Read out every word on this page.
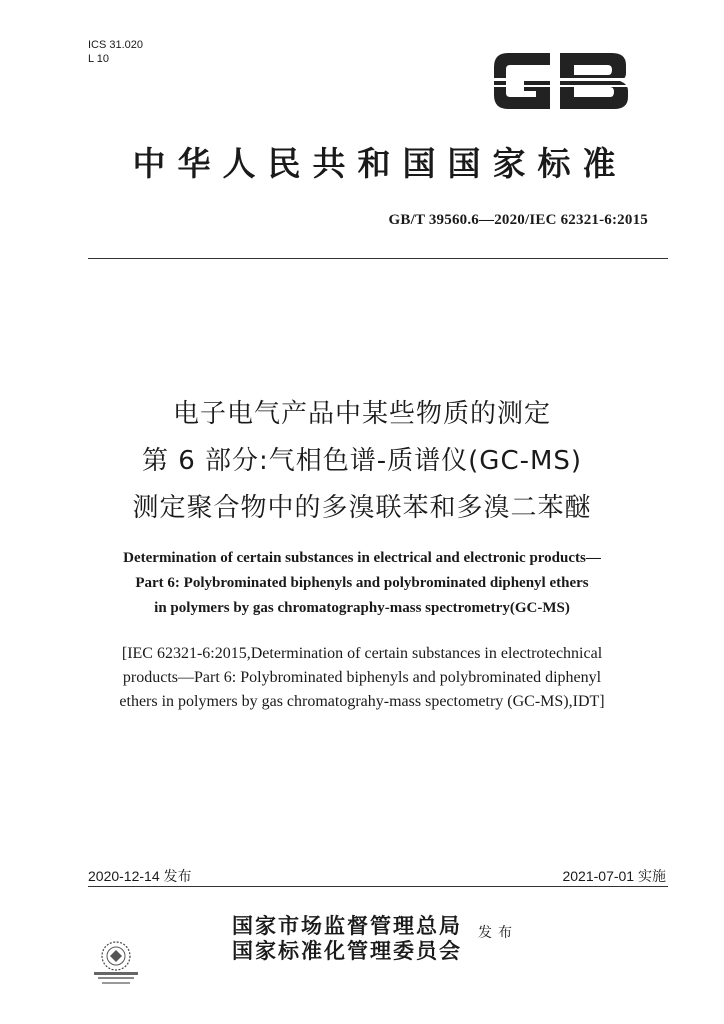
ICS 31.020
L 10
中华人民共和国国家标准
GB/T 39560.6—2020/IEC 62321-6:2015
电子电气产品中某些物质的测定
第 6 部分:气相色谱-质谱仪(GC-MS)
测定聚合物中的多溴联苯和多溴二苯醚
Determination of certain substances in electrical and electronic products—
Part 6: Polybrominated biphenyls and polybrominated diphenyl ethers
in polymers by gas chromatography-mass spectrometry(GC-MS)
[IEC 62321-6:2015,Determination of certain substances in electrotechnical
products—Part 6: Polybrominated biphenyls and polybrominated diphenyl
ethers in polymers by gas chromatograhy-mass spectometry (GC-MS),IDT]
2020-12-14 发布	2021-07-01 实施
国家市场监督管理总局
国家标准化管理委员会
发布
